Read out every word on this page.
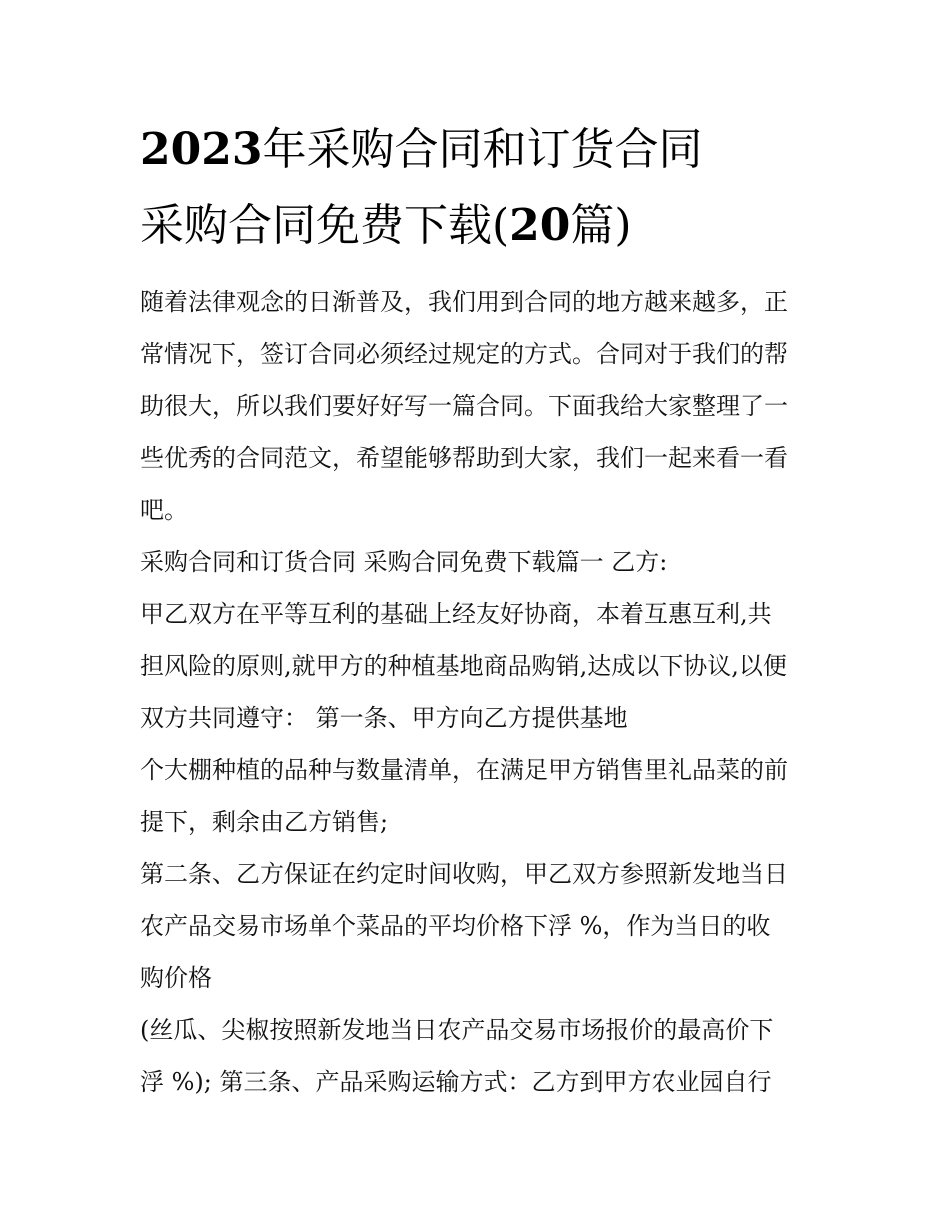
2023年采购合同和订货合同
采购合同免费下载(20篇)
随着法律观念的日渐普及，我们用到合同的地方越来越多，正
常情况下，签订合同必须经过规定的方式。合同对于我们的帮
助很大，所以我们要好好写一篇合同。下面我给大家整理了一
些优秀的合同范文，希望能够帮助到大家，我们一起来看一看
吧。
采购合同和订货合同 采购合同免费下载篇一 乙方:
甲乙双方在平等互利的基础上经友好协商，本着互惠互利,共
担风险的原则,就甲方的种植基地商品购销,达成以下协议,以便
双方共同遵守： 第一条、甲方向乙方提供基地
个大棚种植的品种与数量清单，在满足甲方销售里礼品菜的前
提下，剩余由乙方销售;
第二条、乙方保证在约定时间收购，甲乙双方参照新发地当日
农产品交易市场单个菜品的平均价格下浮 %，作为当日的收
购价格
(丝瓜、尖椒按照新发地当日农产品交易市场报价的最高价下
浮 %); 第三条、产品采购运输方式：乙方到甲方农业园自行
